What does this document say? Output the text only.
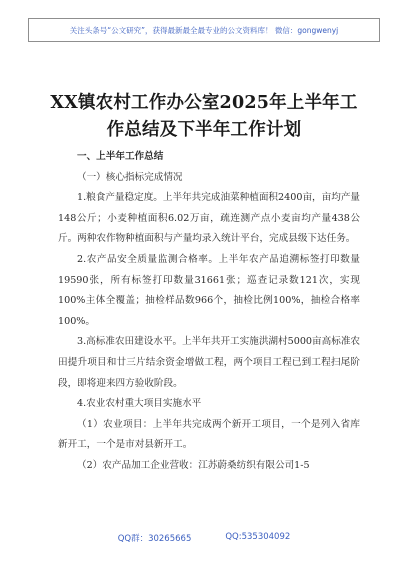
关注头条号“公文研究”，获得最新最全最专业的公文资料库！ 微信：gongwenyj
XX镇农村工作办公室2025年上半年工
作总结及下半年工作计划

一、上半年工作总结

（一）核心指标完成情况

1.粮食产量稳定度。上半年共完成油菜种植面积2400亩，亩均产量148公斤；小麦种植面积6.02万亩，疏连测产点小麦亩均产量438公斤。两种农作物种植面积与产量均录入统计平台，完成县级下达任务。

2.农产品安全质量监测合格率。上半年农产品追溯标签打印数量19590张，所有标签打印数量31661张；巡查记录数121次，实现100%主体全覆盖；抽检样品数966个，抽检比例100%，抽检合格率100%。

3.高标准农田建设水平。上半年共开工实施洪湖村5000亩高标准农田提升项目和廿三片结余资金增做工程，两个项目工程已到工程扫尾阶段，即将迎来四方验收阶段。

4.农业农村重大项目实施水平

（1）农业项目：上半年共完成两个新开工项目，一个是列入省库新开工，一个是市对县新开工。

（2）农产品加工企业营收：江苏蔚桑纺织有限公司1-5

QQ群：30265665	QQ:535304092
